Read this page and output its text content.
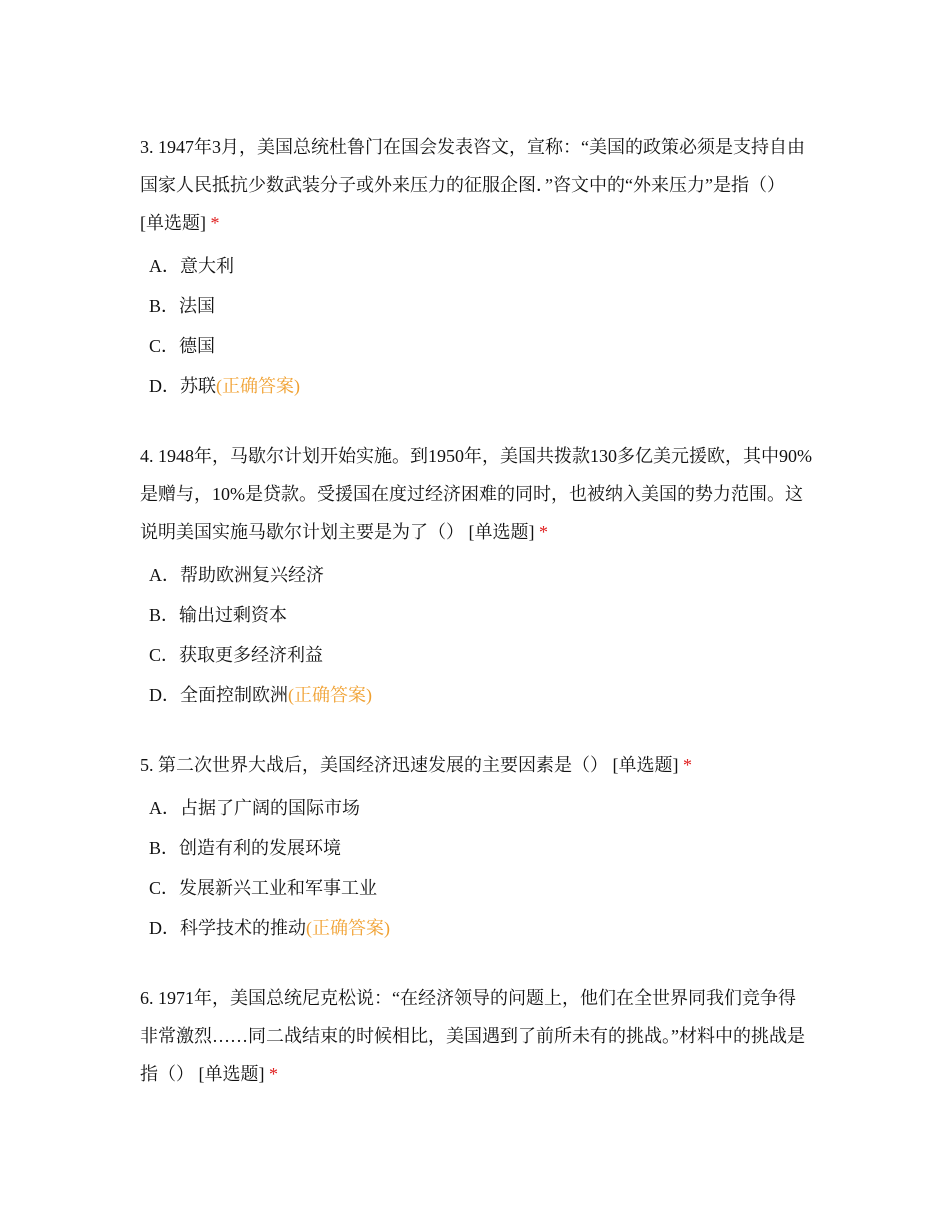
3. 1947年3月，美国总统杜鲁门在国会发表咨文，宣称：“美国的政策必须是支持自由国家人民抵抗少数武装分子或外来压力的征服企图．”咨文中的“外来压力”是指（） [单选题] *
A．意大利
B．法国
C．德国
D．苏联(正确答案)
4. 1948年，马歇尔计划开始实施。到1950年，美国共拨款130多亿美元援欧，其中90%是赠与，10%是贷款。受援国在度过经济困难的同时，也被纳入美国的势力范围。这说明美国实施马歇尔计划主要是为了（） [单选题] *
A．帮助欧洲复兴经济
B．输出过剩资本
C．获取更多经济利益
D．全面控制欧洲(正确答案)
5. 第二次世界大战后，美国经济迅速发展的主要因素是（） [单选题] *
A．占据了广阔的国际市场
B．创造有利的发展环境
C．发展新兴工业和军事工业
D．科学技术的推动(正确答案)
6. 1971年，美国总统尼克松说：“在经济领导的问题上，他们在全世界同我们竞争得非常激烈……同二战结束的时候相比，美国遇到了前所未有的挑战。”材料中的挑战是指（） [单选题] *
